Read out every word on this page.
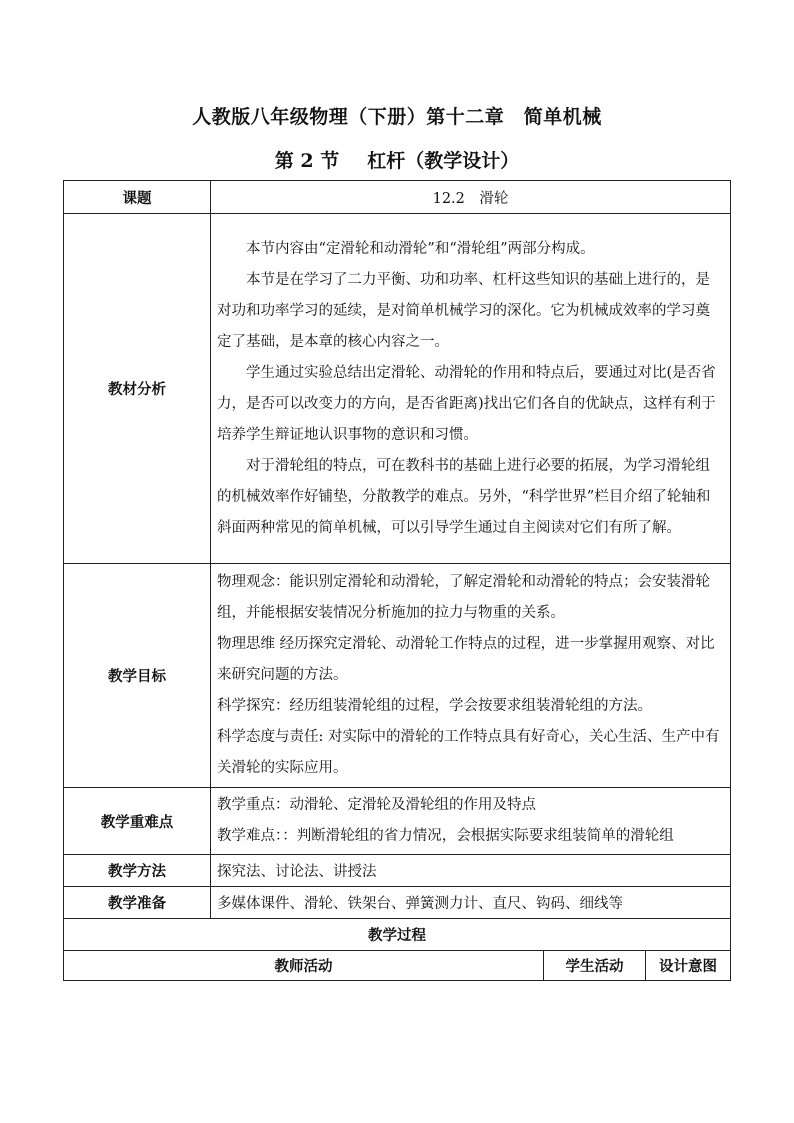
人教版八年级物理（下册）第十二章　简单机械
第 2 节 杠杆（教学设计）
课题	12.2　滑轮		
教材分析	本节内容由“定滑轮和动滑轮”和“滑轮组”两部分构成。
本节是在学习了二力平衡、功和功率、杠杆这些知识的基础上进行的，是对功和功率学习的延续，是对简单机械学习的深化。它为机械成效率的学习奠定了基础，是本章的核心内容之一。
学生通过实验总结出定滑轮、动滑轮的作用和特点后，要通过对比(是否省力，是否可以改变力的方向，是否省距离)找出它们各自的优缺点，这样有利于培养学生辩证地认识事物的意识和习惯。
对于滑轮组的特点，可在教科书的基础上进行必要的拓展，为学习滑轮组的机械效率作好铺垫，分散教学的难点。另外，“科学世界”栏目介绍了轮轴和斜面两种常见的简单机械，可以引导学生通过自主阅读对它们有所了解。		

教学目标	物理观念：能识别定滑轮和动滑轮，了解定滑轮和动滑轮的特点；会安装滑轮组，并能根据安装情况分析施加的拉力与物重的关系。
物理思维 经历探究定滑轮、动滑轮工作特点的过程，进一步掌握用观察、对比来研究问题的方法。
科学探究：经历组装滑轮组的过程，学会按要求组装滑轮组的方法。
科学态度与责任: 对实际中的滑轮的工作特点具有好奇心，关心生活、生产中有关滑轮的实际应用。		

教学重难点	教学重点：动滑轮、定滑轮及滑轮组的作用及特点
教学难点：：判断滑轮组的省力情况，会根据实际要求组装简单的滑轮组		

教学方法	探究法、讨论法、讲授法		
教学准备	多媒体课件、滑轮、铁架台、弹簧测力计、直尺、钩码、细线等		
教学过程			
教师活动		学生活动	设计意图
